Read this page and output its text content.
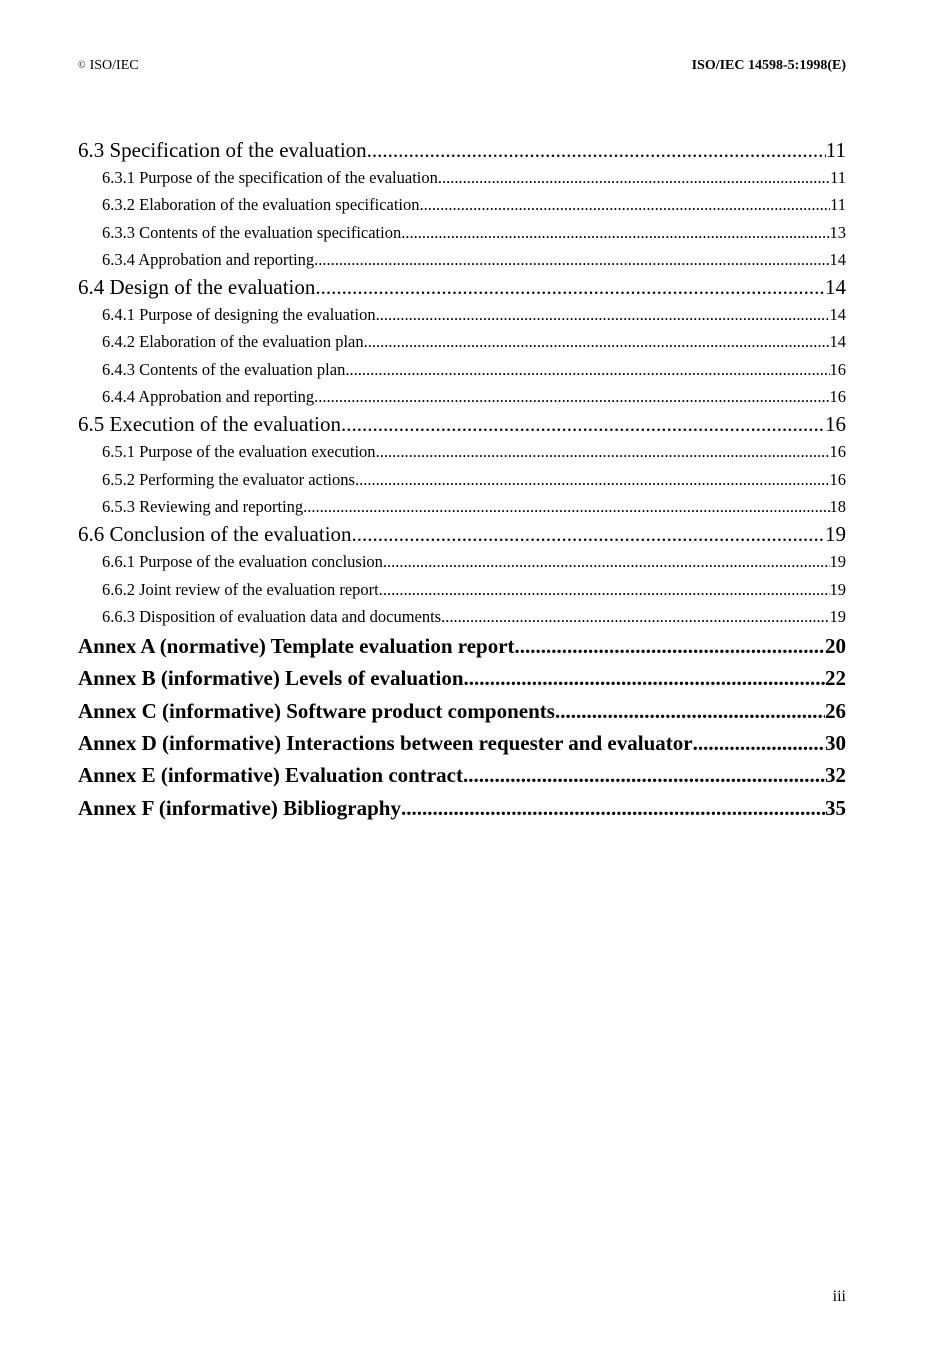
© ISO/IEC	ISO/IEC 14598-5:1998(E)
6.3 Specification of the evaluation .....	11
6.3.1 Purpose of the specification of the evaluation .....	11
6.3.2 Elaboration of the evaluation specification .....	11
6.3.3 Contents of the evaluation specification .....	13
6.3.4 Approbation and reporting .....	14
6.4 Design of the evaluation .....	14
6.4.1 Purpose of designing the evaluation .....	14
6.4.2 Elaboration of the evaluation plan .....	14
6.4.3 Contents of the evaluation plan .....	16
6.4.4 Approbation and reporting .....	16
6.5 Execution of the evaluation .....	16
6.5.1 Purpose of the evaluation execution .....	16
6.5.2 Performing the evaluator actions .....	16
6.5.3 Reviewing and reporting .....	18
6.6 Conclusion of the evaluation .....	19
6.6.1 Purpose of the evaluation conclusion .....	19
6.6.2 Joint review of the evaluation report .....	19
6.6.3 Disposition of evaluation data and documents .....	19
Annex A (normative) Template evaluation report .....	20
Annex B (informative) Levels of evaluation .....	22
Annex C (informative) Software product components .....	26
Annex D (informative) Interactions between requester and evaluator .....	30
Annex E (informative) Evaluation contract .....	32
Annex F (informative) Bibliography .....	35
iii
